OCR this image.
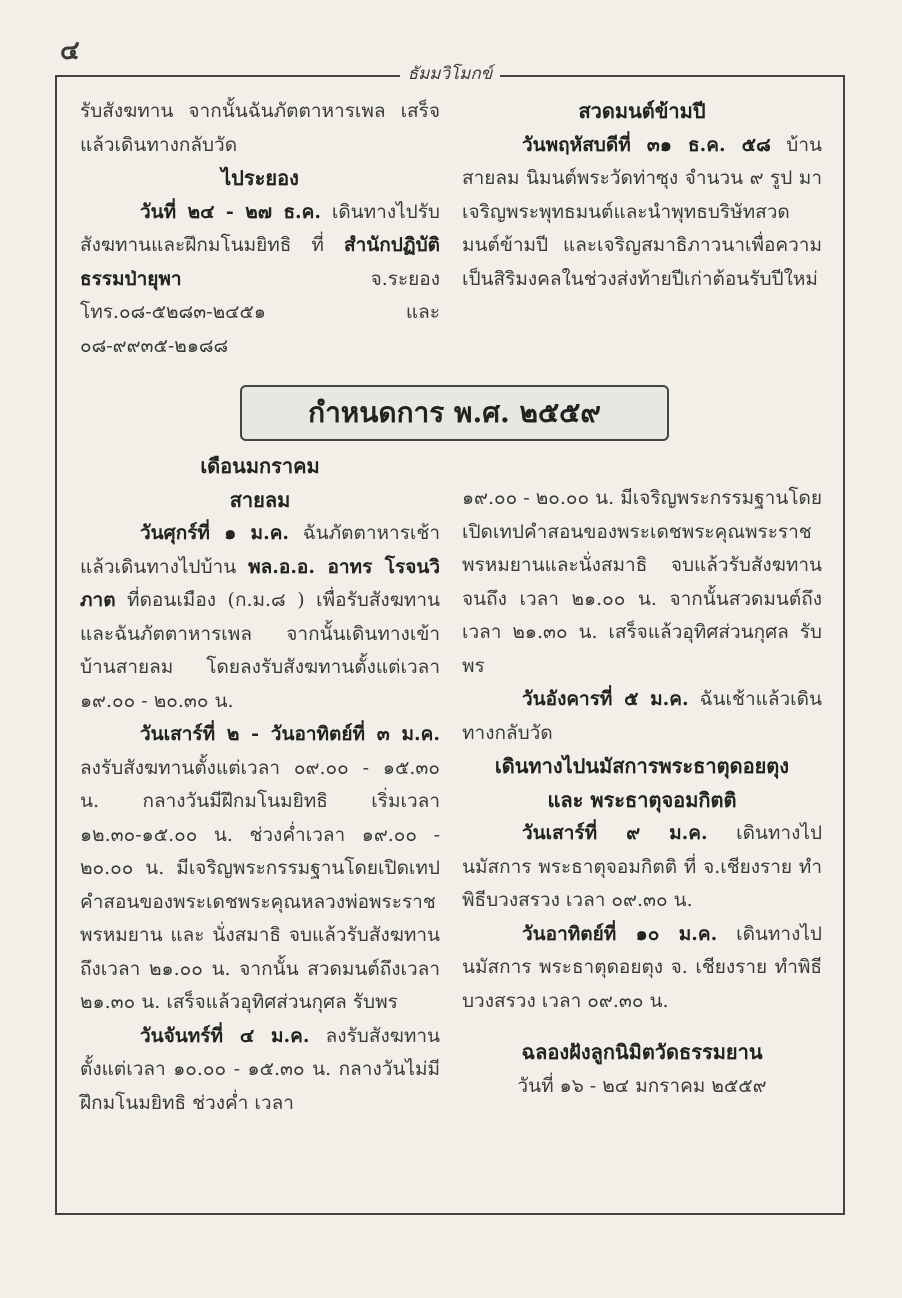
๔
ธัมมวิโมกข์

รับสังฆทาน จากนั้นฉันภัตตาหารเพล เสร็จแล้วเดินทางกลับวัด

ไประยอง

วันที่ ๒๔ - ๒๗ ธ.ค. เดินทางไปรับสังฆทานและฝึกมโนมยิทธิ ที่ สำนักปฏิบัติธรรมป่ายุพา จ.ระยอง โทร.๐๘-๕๒๘๓-๒๔๕๑ และ ๐๘-๙๙๓๕-๒๑๘๘

สวดมนต์ข้ามปี

วันพฤหัสบดีที่ ๓๑ ธ.ค. ๕๘ บ้านสายลม นิมนต์พระวัดท่าซุง จำนวน ๙ รูป มาเจริญพระพุทธมนต์และนำพุทธบริษัทสวดมนต์ข้ามปี และเจริญสมาธิภาวนาเพื่อความเป็นสิริมงคลในช่วงส่งท้ายปีเก่าต้อนรับปีใหม่

กำหนดการ พ.ศ. ๒๕๕๙

เดือนมกราคม

สายลม

วันศุกร์ที่ ๑ ม.ค. ฉันภัตตาหารเช้าแล้วเดินทางไปบ้าน พล.อ.อ. อาทร โรจนวิภาต ที่ดอนเมือง (ก.ม.๘ ) เพื่อรับสังฆทานและฉันภัตตาหารเพล จากนั้นเดินทางเข้าบ้านสายลม โดยลงรับสังฆทานตั้งแต่เวลา ๑๙.๐๐ - ๒๐.๓๐ น.

วันเสาร์ที่ ๒ - วันอาทิตย์ที่ ๓ ม.ค. ลงรับสังฆทานตั้งแต่เวลา ๐๙.๐๐ - ๑๕.๓๐ น. กลางวันมีฝึกมโนมยิทธิ เริ่มเวลา ๑๒.๓๐-๑๕.๐๐ น. ช่วงค่ำเวลา ๑๙.๐๐ - ๒๐.๐๐ น. มีเจริญพระกรรมฐานโดยเปิดเทปคำสอนของพระเดชพระคุณหลวงพ่อพระราชพรหมยาน และ นั่งสมาธิ จบแล้วรับสังฆทาน ถึงเวลา ๒๑.๐๐ น. จากนั้น สวดมนต์ถึงเวลา ๒๑.๓๐ น. เสร็จแล้วอุทิศส่วนกุศล รับพร

วันจันทร์ที่ ๔ ม.ค. ลงรับสังฆทานตั้งแต่เวลา ๑๐.๐๐ - ๑๕.๓๐ น. กลางวันไม่มีฝึกมโนมยิทธิ ช่วงค่ำ เวลา

๑๙.๐๐ - ๒๐.๐๐ น. มีเจริญพระกรรมฐานโดยเปิดเทปคำสอนของพระเดชพระคุณพระราชพรหมยานและนั่งสมาธิ จบแล้วรับสังฆทานจนถึง เวลา ๒๑.๐๐ น. จากนั้นสวดมนต์ถึงเวลา ๒๑.๓๐ น. เสร็จแล้วอุทิศส่วนกุศล รับพร

วันอังคารที่ ๕ ม.ค. ฉันเช้าแล้วเดินทางกลับวัด

เดินทางไปนมัสการพระธาตุดอยตุง

และ พระธาตุจอมกิตติ

วันเสาร์ที่ ๙ ม.ค. เดินทางไปนมัสการ พระธาตุจอมกิตติ ที่ จ.เชียงราย ทำพิธีบวงสรวง เวลา ๐๙.๓๐ น.

วันอาทิตย์ที่ ๑๐ ม.ค. เดินทางไปนมัสการ พระธาตุดอยตุง จ. เชียงราย ทำพิธีบวงสรวง เวลา ๐๙.๓๐ น.

ฉลองฝังลูกนิมิตวัดธรรมยาน

วันที่ ๑๖ - ๒๔ มกราคม ๒๕๕๙
